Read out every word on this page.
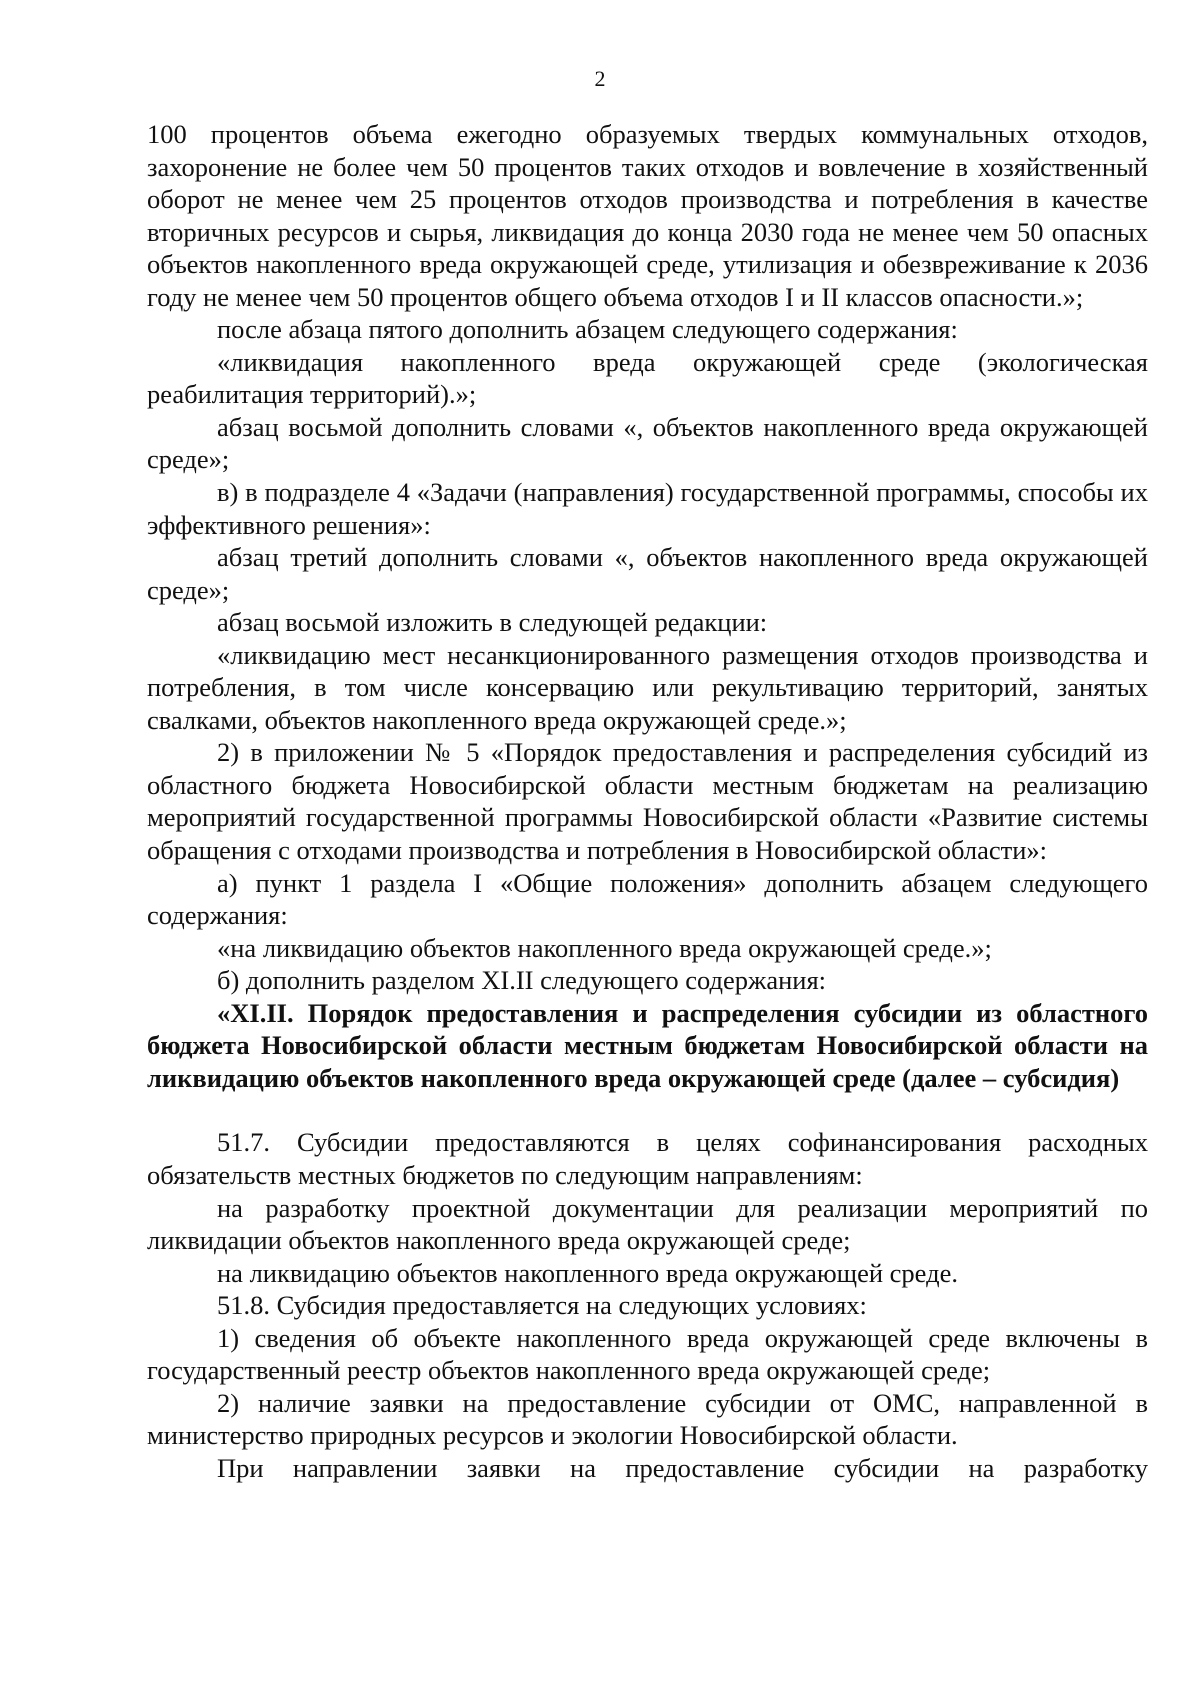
2

100 процентов объема ежегодно образуемых твердых коммунальных отходов, захоронение не более чем 50 процентов таких отходов и вовлечение в хозяйственный оборот не менее чем 25 процентов отходов производства и потребления в качестве вторичных ресурсов и сырья, ликвидация до конца 2030 года не менее чем 50 опасных объектов накопленного вреда окружающей среде, утилизация и обезвреживание к 2036 году не менее чем 50 процентов общего объема отходов I и II классов опасности.»;

после абзаца пятого дополнить абзацем следующего содержания:

«ликвидация накопленного вреда окружающей среде (экологическая реабилитация территорий).»;

абзац восьмой дополнить словами «, объектов накопленного вреда окружающей среде»;

в) в подразделе 4 «Задачи (направления) государственной программы, способы их эффективного решения»:

абзац третий дополнить словами «, объектов накопленного вреда окружающей среде»;

абзац восьмой изложить в следующей редакции:

«ликвидацию мест несанкционированного размещения отходов производства и потребления, в том числе консервацию или рекультивацию территорий, занятых свалками, объектов накопленного вреда окружающей среде.»;

2) в приложении № 5 «Порядок предоставления и распределения субсидий из областного бюджета Новосибирской области местным бюджетам на реализацию мероприятий государственной программы Новосибирской области «Развитие системы обращения с отходами производства и потребления в Новосибирской области»:

а) пункт 1 раздела I «Общие положения» дополнить абзацем следующего содержания:

«на ликвидацию объектов накопленного вреда окружающей среде.»;

б) дополнить разделом XI.II следующего содержания:

«XI.II. Порядок предоставления и распределения субсидии из областного бюджета Новосибирской области местным бюджетам Новосибирской области на ликвидацию объектов накопленного вреда окружающей среде (далее – субсидия)

51.7. Субсидии предоставляются в целях софинансирования расходных обязательств местных бюджетов по следующим направлениям:

на разработку проектной документации для реализации мероприятий по ликвидации объектов накопленного вреда окружающей среде;

на ликвидацию объектов накопленного вреда окружающей среде.

51.8. Субсидия предоставляется на следующих условиях:

1) сведения об объекте накопленного вреда окружающей среде включены в государственный реестр объектов накопленного вреда окружающей среде;

2) наличие заявки на предоставление субсидии от ОМС, направленной в министерство природных ресурсов и экологии Новосибирской области.

При направлении заявки на предоставление субсидии на разработку
